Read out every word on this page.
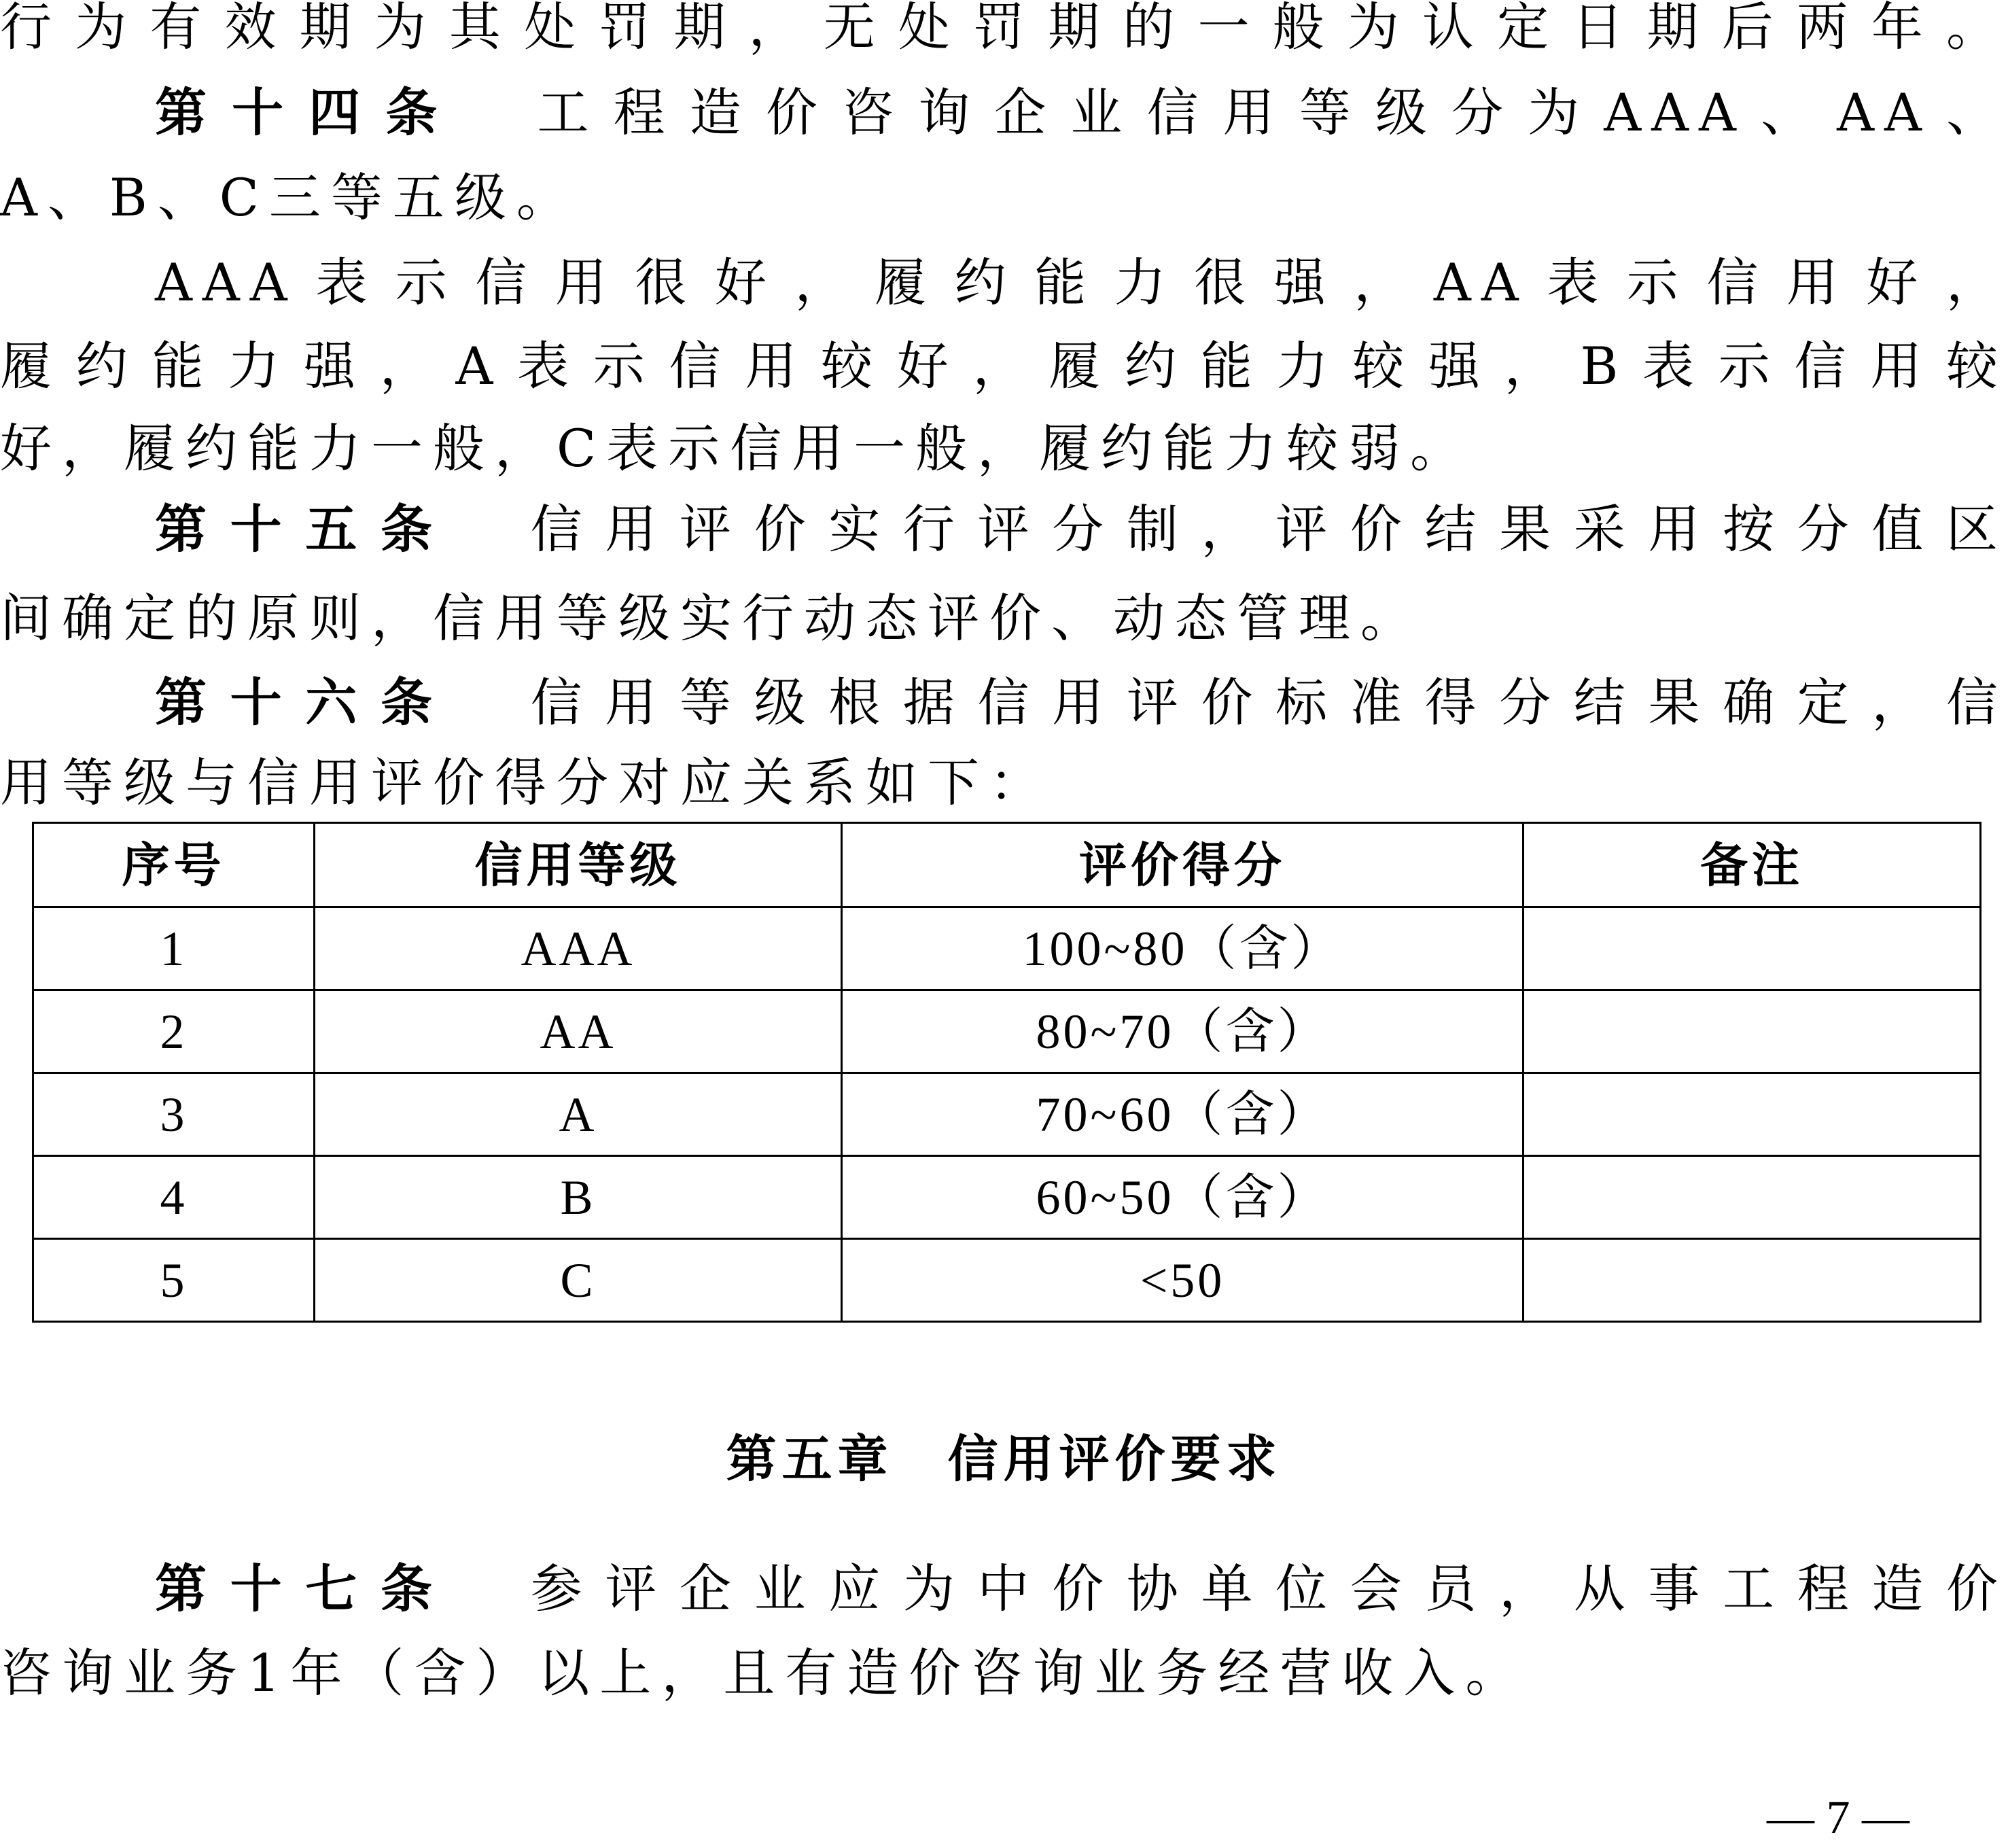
行为有效期为其处罚期，无处罚期的一般为认定日期后两年。
第十四条 工程造价咨询企业信用等级分为AAA、AA、
A、B、C三等五级。
AAA表示信用很好，履约能力很强，AA表示信用好，
履约能力强，A表示信用较好，履约能力较强，B表示信用较
好，履约能力一般，C表示信用一般，履约能力较弱。
第十五条 信用评价实行评分制，评价结果采用按分值区
间确定的原则，信用等级实行动态评价、动态管理。
第十六条 信用等级根据信用评价标准得分结果确定，信
用等级与信用评价得分对应关系如下：
序号	信用等级	评价得分	备注
1	AAA	100~80（含）	
2	AA	80~70（含）	
3	A	70~60（含）	
4	B	60~50（含）	
5	C	<50	
第五章 信用评价要求
第十七条 参评企业应为中价协单位会员，从事工程造价
咨询业务1年（含）以上，且有造价咨询业务经营收入。
— 7 —
